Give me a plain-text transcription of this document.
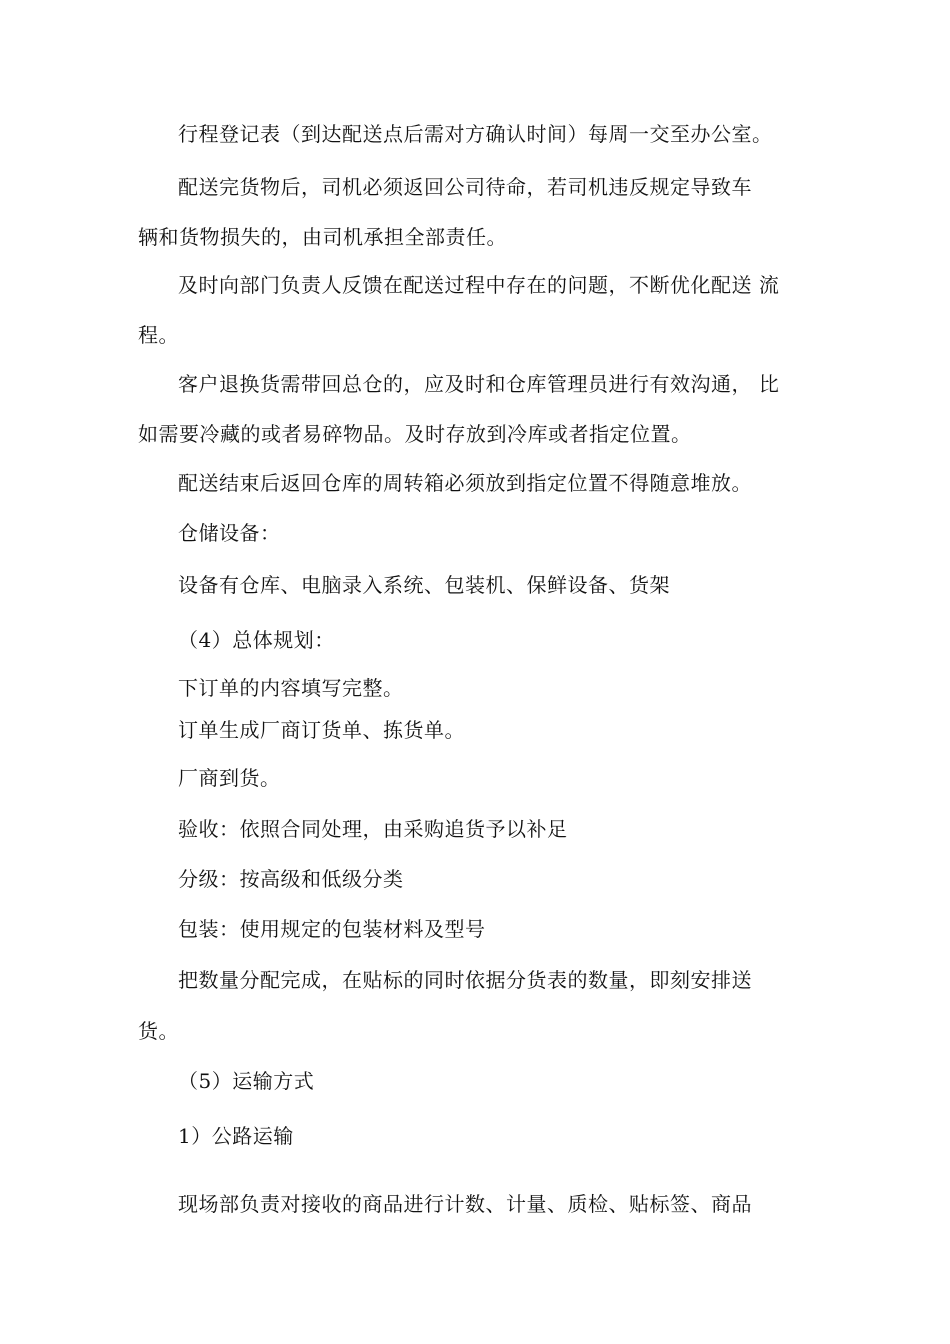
行程登记表（到达配送点后需对方确认时间）每周一交至办公室。
配送完货物后，司机必须返回公司待命，若司机违反规定导致车
辆和货物损失的，由司机承担全部责任。
及时向部门负责人反馈在配送过程中存在的问题，不断优化配送 流
程。
客户退换货需带回总仓的，应及时和仓库管理员进行有效沟通， 比
如需要冷藏的或者易碎物品。及时存放到冷库或者指定位置。
配送结束后返回仓库的周转箱必须放到指定位置不得随意堆放。
仓储设备：
设备有仓库、电脑录入系统、包装机、保鲜设备、货架
（4）总体规划：
下订单的内容填写完整。
订单生成厂商订货单、拣货单。
厂商到货。
验收：依照合同处理，由采购追货予以补足
分级：按高级和低级分类
包装：使用规定的包装材料及型号
把数量分配完成，在贴标的同时依据分货表的数量，即刻安排送
货。
（5）运输方式
1）公路运输
现场部负责对接收的商品进行计数、计量、质检、贴标签、商品
